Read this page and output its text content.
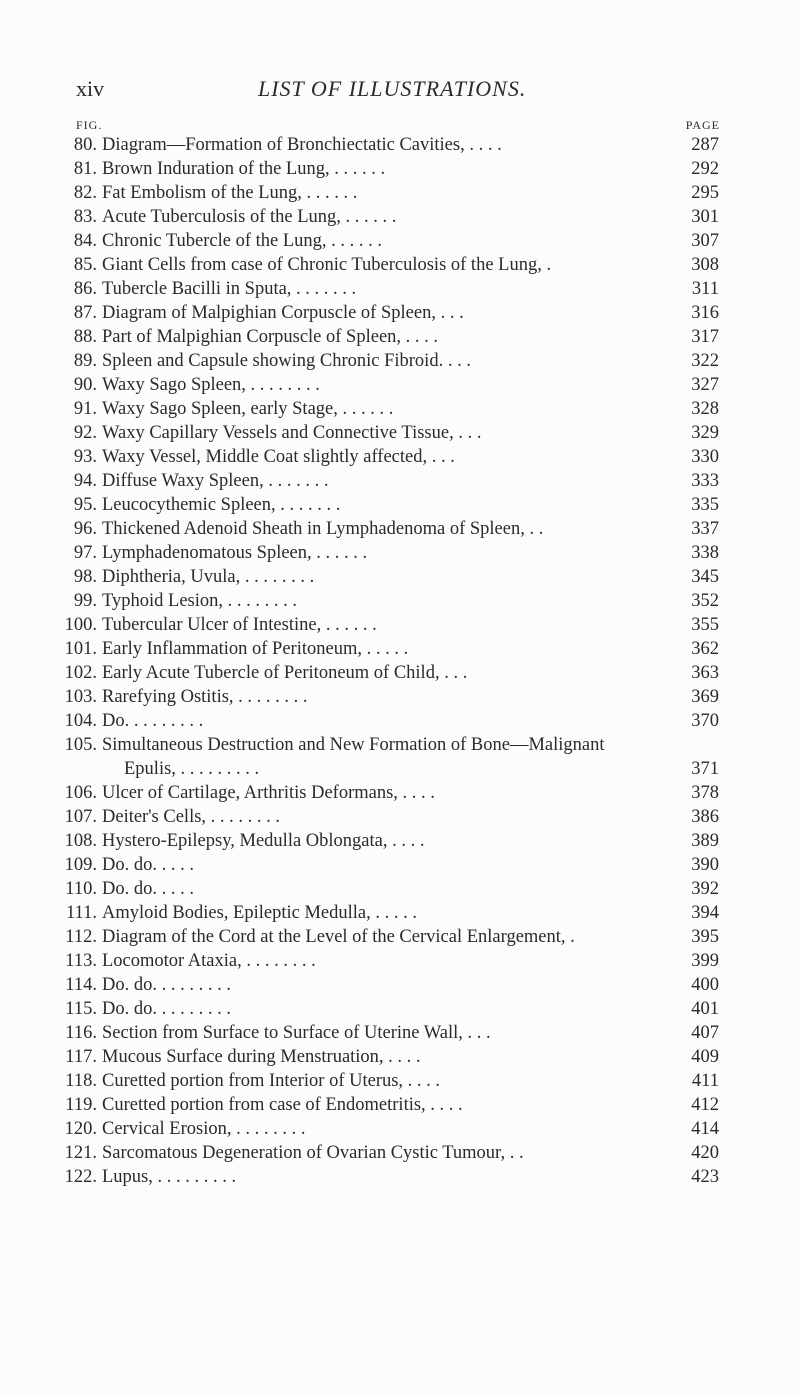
xiv	LIST OF ILLUSTRATIONS.
FIG.	PAGE
80. Diagram—Formation of Bronchiectatic Cavities, . . . .	287
81. Brown Induration of the Lung, . . . . . .	292
82. Fat Embolism of the Lung, . . . . . .	295
83. Acute Tuberculosis of the Lung, . . . . . .	301
84. Chronic Tubercle of the Lung, . . . . . .	307
85. Giant Cells from case of Chronic Tuberculosis of the Lung, .	308
86. Tubercle Bacilli in Sputa, . . . . . . .	311
87. Diagram of Malpighian Corpuscle of Spleen, . . .	316
88. Part of Malpighian Corpuscle of Spleen, . . . .	317
89. Spleen and Capsule showing Chronic Fibroid. . . .	322
90. Waxy Sago Spleen, . . . . . . . .	327
91. Waxy Sago Spleen, early Stage, . . . . . .	328
92. Waxy Capillary Vessels and Connective Tissue, . . .	329
93. Waxy Vessel, Middle Coat slightly affected, . . .	330
94. Diffuse Waxy Spleen, . . . . . . .	333
95. Leucocythemic Spleen, . . . . . . .	335
96. Thickened Adenoid Sheath in Lymphadenoma of Spleen, . .	337
97. Lymphadenomatous Spleen, . . . . . .	338
98. Diphtheria, Uvula, . . . . . . . .	345
99. Typhoid Lesion, . . . . . . . .	352
100. Tubercular Ulcer of Intestine, . . . . . .	355
101. Early Inflammation of Peritoneum, . . . . .	362
102. Early Acute Tubercle of Peritoneum of Child, . . .	363
103. Rarefying Ostitis, . . . . . . . .	369
104. Do. . . . . . . . .	370
105. Simultaneous Destruction and New Formation of Bone—Malignant
Epulis, . . . . . . . . .	371
106. Ulcer of Cartilage, Arthritis Deformans, . . . .	378
107. Deiter's Cells, . . . . . . . .	386
108. Hystero-Epilepsy, Medulla Oblongata, . . . .	389
109. Do. do. . . . .	390
110. Do. do. . . . .	392
111. Amyloid Bodies, Epileptic Medulla, . . . . .	394
112. Diagram of the Cord at the Level of the Cervical Enlargement, .	395
113. Locomotor Ataxia, . . . . . . . .	399
114. Do. do. . . . . . . . .	400
115. Do. do. . . . . . . . .	401
116. Section from Surface to Surface of Uterine Wall, . . .	407
117. Mucous Surface during Menstruation, . . . .	409
118. Curetted portion from Interior of Uterus, . . . .	411
119. Curetted portion from case of Endometritis, . . . .	412
120. Cervical Erosion, . . . . . . . .	414
121. Sarcomatous Degeneration of Ovarian Cystic Tumour, . .	420
122. Lupus, . . . . . . . . .	423
